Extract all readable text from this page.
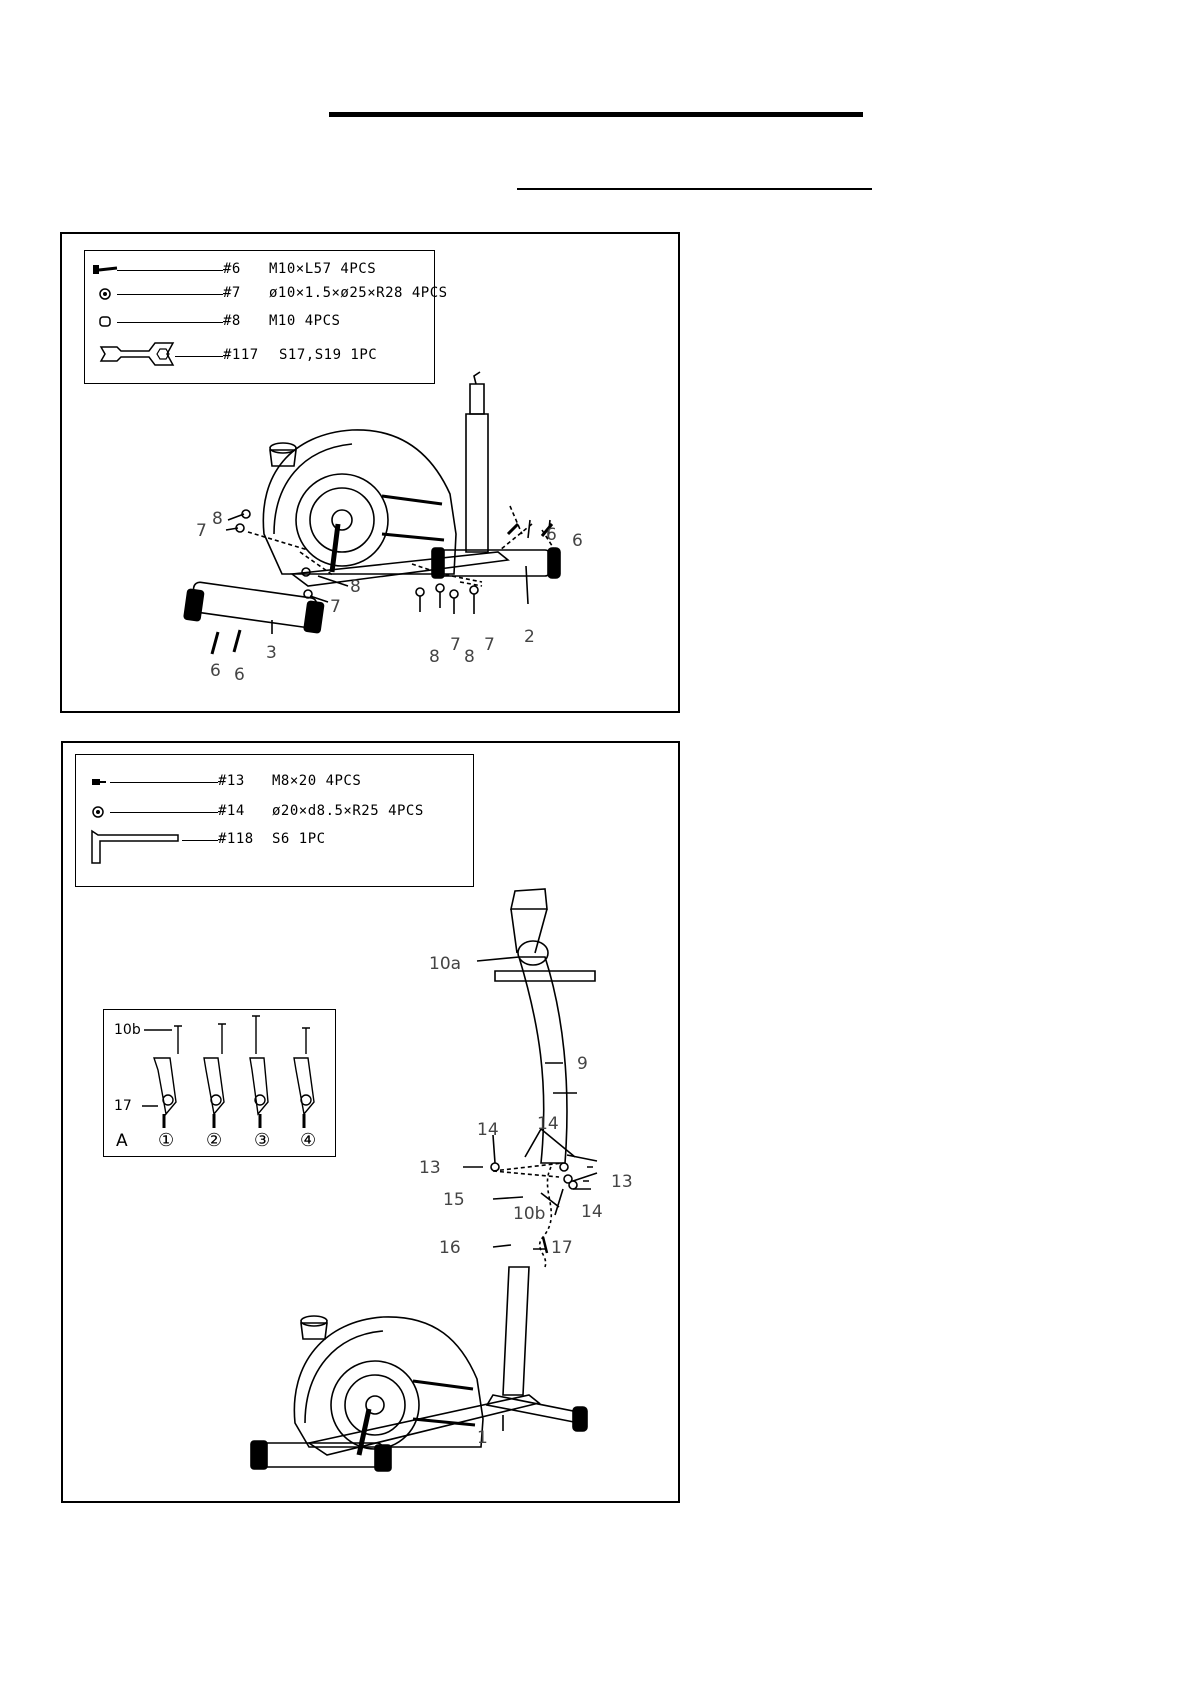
#6 M10×L57 4PCS
#7 ø10×1.5×ø25×R28 4PCS
#8 M10 4PCS
#117 S17,S19 1PC
8
7
8
7
6 6
3
6 6
2
8
7
8
7
#13 M8×20 4PCS
#14 ø20×d8.5×R25 4PCS
#118 S6 1PC
10b
17
A ① ② ③ ④
10a
9
14 14
13
13
15
10b 14
16	17
1
